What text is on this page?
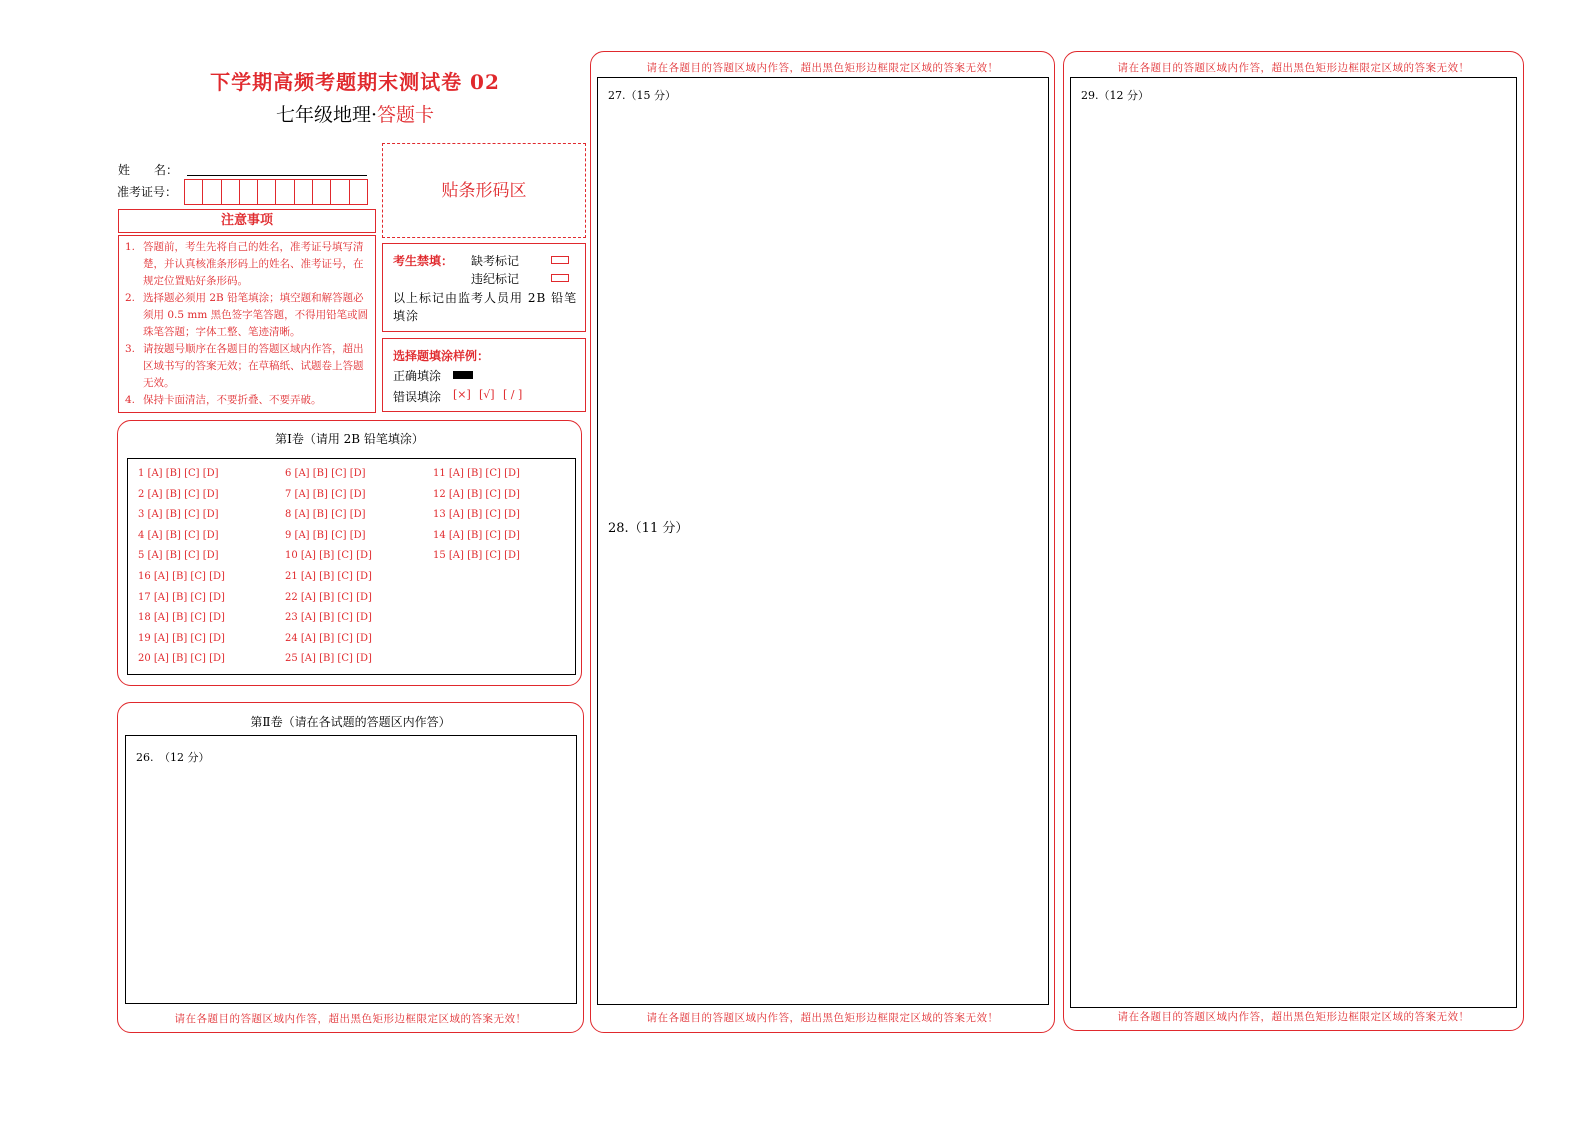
下学期高频考题期末测试卷 02
七年级地理·答题卡
姓　　名：
准考证号：
注意事项
1. 答题前，考生先将自己的姓名，准考证号填写清楚，并认真核准条形码上的姓名、准考证号，在规定位置贴好条形码。
2. 选择题必须用 2B 铅笔填涂；填空题和解答题必须用 0.5 mm 黑色签字笔答题，不得用铅笔或圆珠笔答题；字体工整、笔迹清晰。
3. 请按题号顺序在各题目的答题区域内作答，超出区域书写的答案无效；在草稿纸、试题卷上答题无效。
4. 保持卡面清洁，不要折叠、不要弄破。
贴条形码区
考生禁填： 缺考标记
违纪标记
以上标记由监考人员用 2B 铅笔填涂
选择题填涂样例：
正确填涂
错误填涂 [×] [√] [ / ]
第Ⅰ卷（请用 2B 铅笔填涂）
1 [A] [B] [C] [D]
2 [A] [B] [C] [D]
3 [A] [B] [C] [D]
4 [A] [B] [C] [D]
5 [A] [B] [C] [D]
16 [A] [B] [C] [D]
17 [A] [B] [C] [D]
18 [A] [B] [C] [D]
19 [A] [B] [C] [D]
20 [A] [B] [C] [D]
6 [A] [B] [C] [D]
7 [A] [B] [C] [D]
8 [A] [B] [C] [D]
9 [A] [B] [C] [D]
10 [A] [B] [C] [D]
21 [A] [B] [C] [D]
22 [A] [B] [C] [D]
23 [A] [B] [C] [D]
24 [A] [B] [C] [D]
25 [A] [B] [C] [D]
11 [A] [B] [C] [D]
12 [A] [B] [C] [D]
13 [A] [B] [C] [D]
14 [A] [B] [C] [D]
15 [A] [B] [C] [D]
第Ⅱ卷（请在各试题的答题区内作答）
26.　（12 分）
请在各题目的答题区域内作答，超出黑色矩形边框限定区域的答案无效！
请在各题目的答题区域内作答，超出黑色矩形边框限定区域的答案无效！
27.（15 分）
28.（11 分）
请在各题目的答题区域内作答，超出黑色矩形边框限定区域的答案无效！
请在各题目的答题区域内作答，超出黑色矩形边框限定区域的答案无效！
29.（12 分）
请在各题目的答题区域内作答，超出黑色矩形边框限定区域的答案无效！
